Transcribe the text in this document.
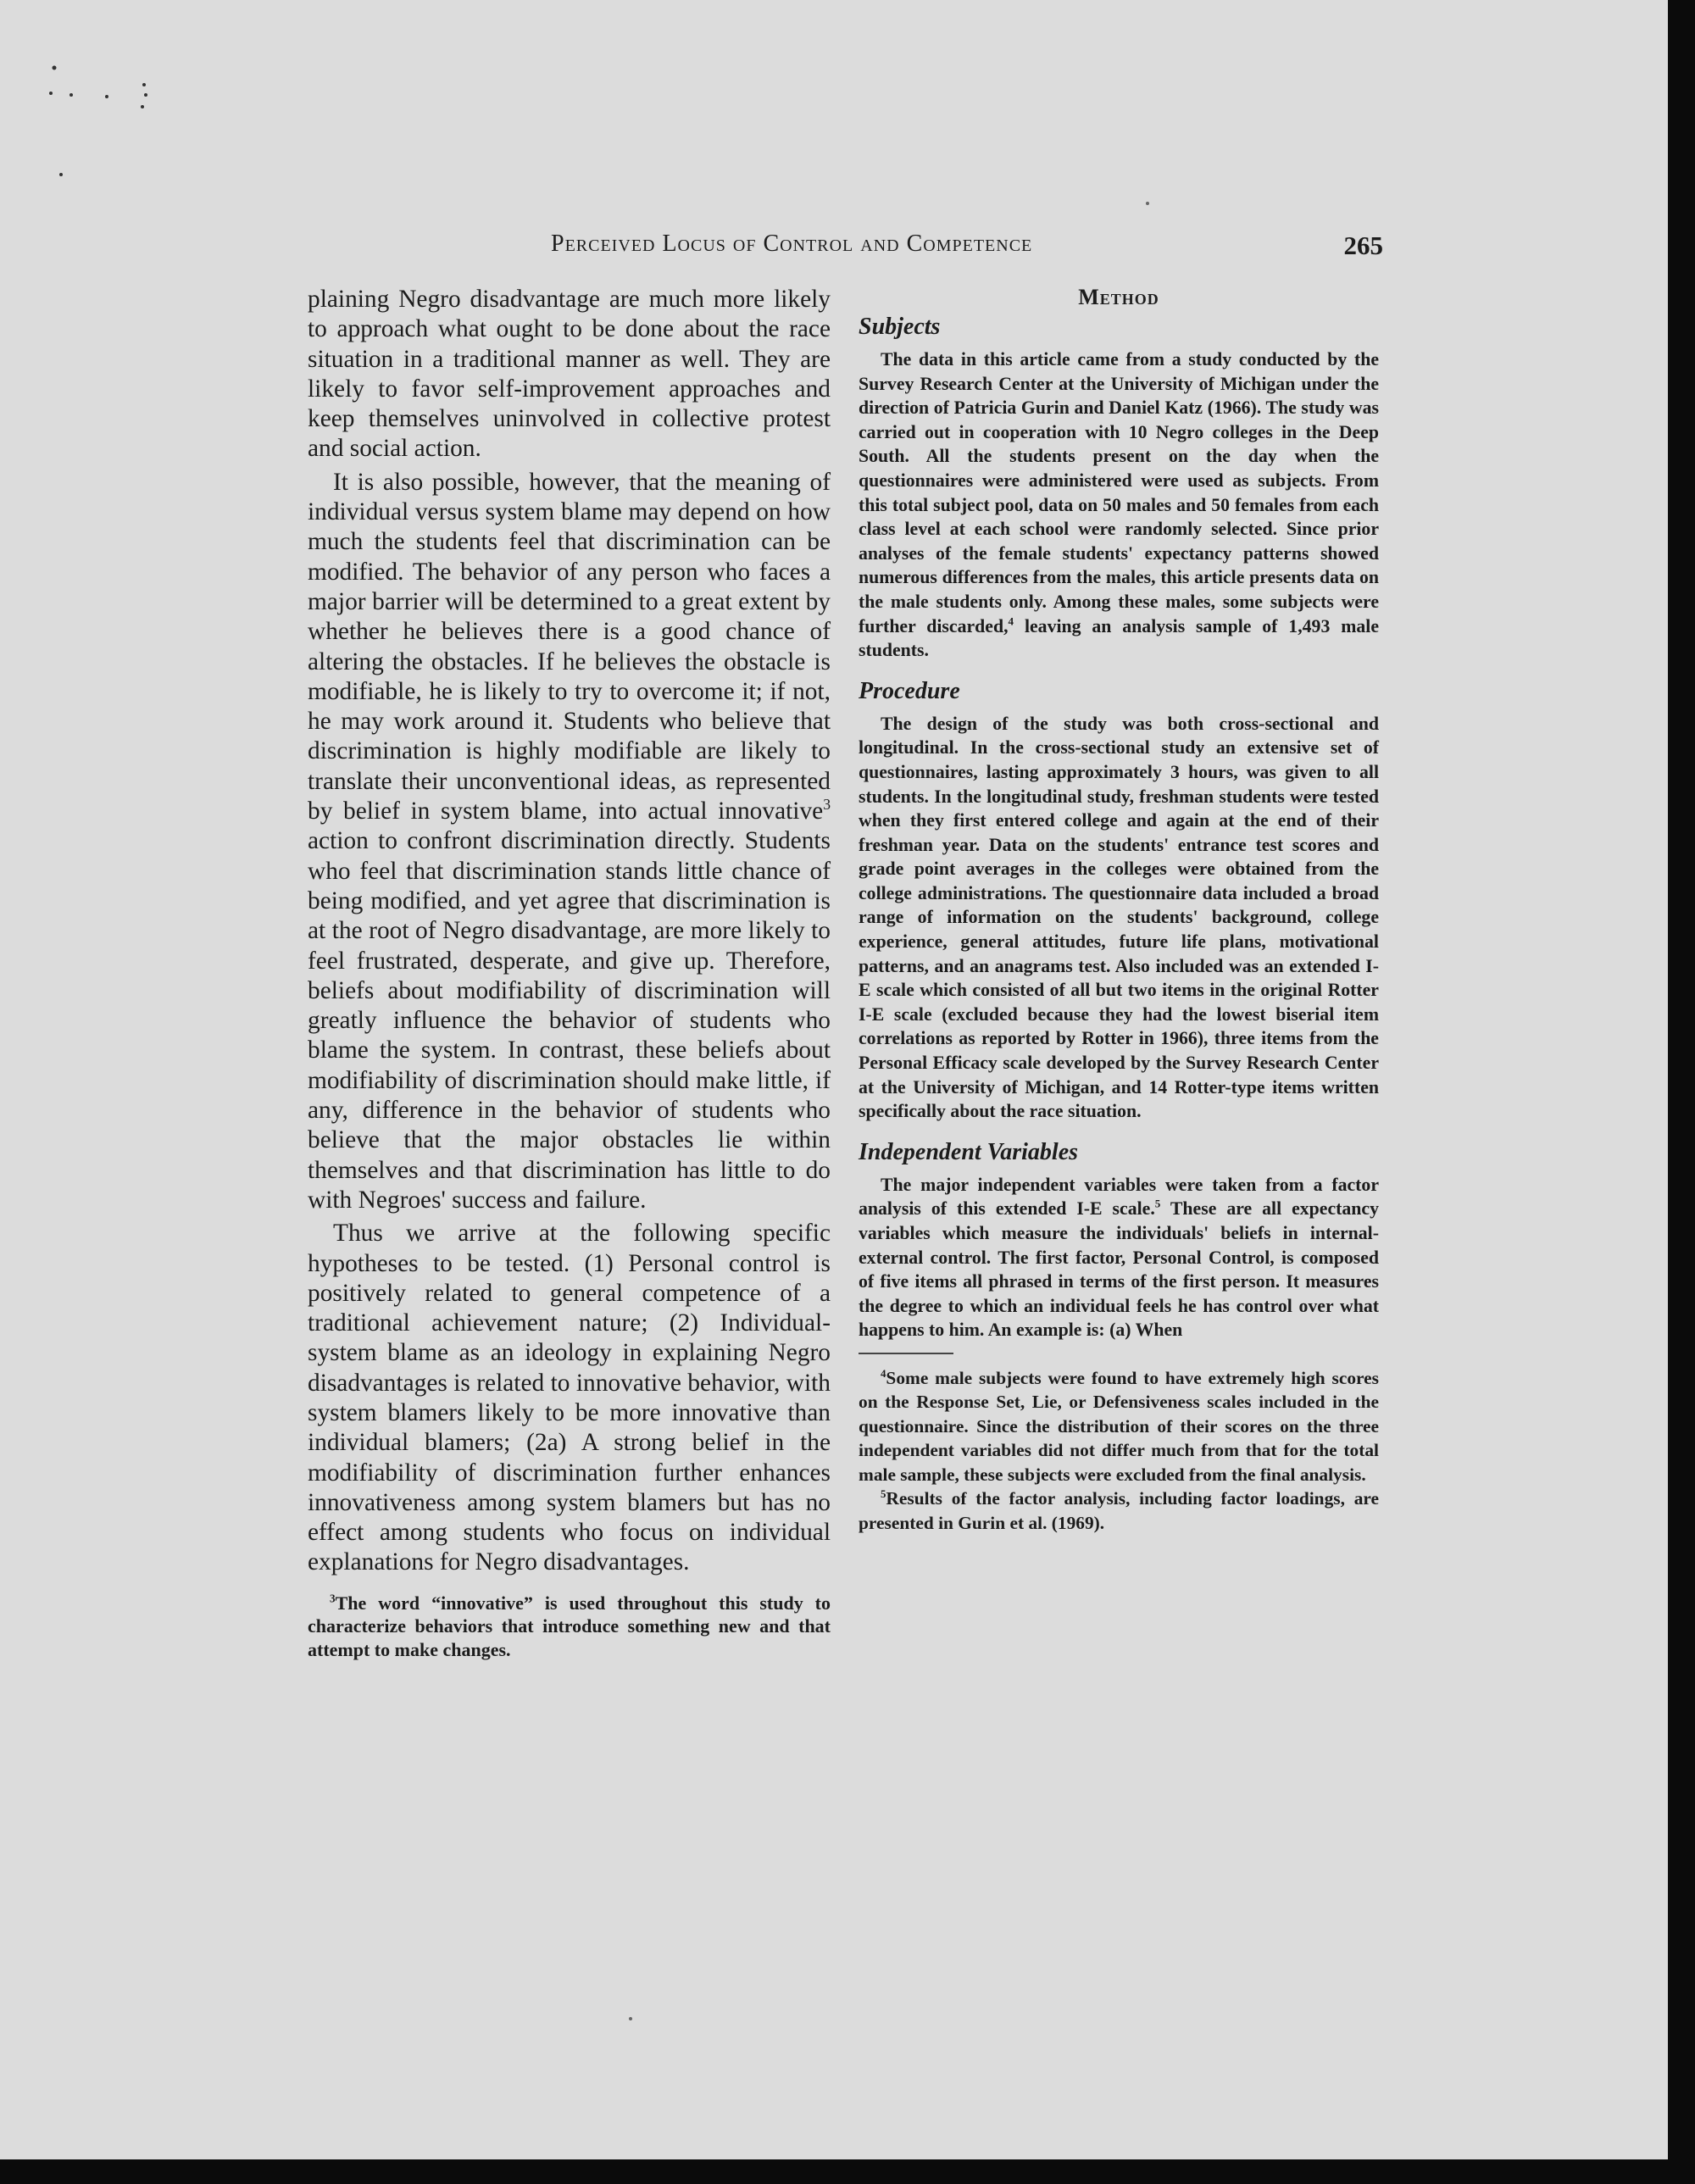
Perceived Locus of Control and Competence	265

plaining Negro disadvantage are much more likely to approach what ought to be done about the race situation in a traditional manner as well. They are likely to favor self-improvement approaches and keep themselves uninvolved in collective protest and social action.

It is also possible, however, that the meaning of individual versus system blame may depend on how much the students feel that discrimination can be modified. The behavior of any person who faces a major barrier will be determined to a great extent by whether he believes there is a good chance of altering the obstacles. If he believes the obstacle is modifiable, he is likely to try to overcome it; if not, he may work around it. Students who believe that discrimination is highly modifiable are likely to translate their unconventional ideas, as represented by belief in system blame, into actual innovative$^3$ action to confront discrimination directly. Students who feel that discrimination stands little chance of being modified, and yet agree that discrimination is at the root of Negro disadvantage, are more likely to feel frustrated, desperate, and give up. Therefore, beliefs about modifiability of discrimination will greatly influence the behavior of students who blame the system. In contrast, these beliefs about modifiability of discrimination should make little, if any, difference in the behavior of students who believe that the major obstacles lie within themselves and that discrimination has little to do with Negroes' success and failure.

Thus we arrive at the following specific hypotheses to be tested. (1) Personal control is positively related to general competence of a traditional achievement nature; (2) Individual-system blame as an ideology in explaining Negro disadvantages is related to innovative behavior, with system blamers likely to be more innovative than individual blamers; (2a) A strong belief in the modifiability of discrimination further enhances innovativeness among system blamers but has no effect among students who focus on individual explanations for Negro disadvantages.

$^3$The word “innovative” is used throughout this study to characterize behaviors that introduce something new and that attempt to make changes.

Method
Subjects

The data in this article came from a study conducted by the Survey Research Center at the University of Michigan under the direction of Patricia Gurin and Daniel Katz (1966). The study was carried out in cooperation with 10 Negro colleges in the Deep South. All the students present on the day when the questionnaires were administered were used as subjects. From this total subject pool, data on 50 males and 50 females from each class level at each school were randomly selected. Since prior analyses of the female students' expectancy patterns showed numerous differences from the males, this article presents data on the male students only. Among these males, some subjects were further discarded,$^4$ leaving an analysis sample of 1,493 male students.

Procedure

The design of the study was both cross-sectional and longitudinal. In the cross-sectional study an extensive set of questionnaires, lasting approximately 3 hours, was given to all students. In the longitudinal study, freshman students were tested when they first entered college and again at the end of their freshman year. Data on the students' entrance test scores and grade point averages in the colleges were obtained from the college administrations. The questionnaire data included a broad range of information on the students' background, college experience, general attitudes, future life plans, motivational patterns, and an anagrams test. Also included was an extended I-E scale which consisted of all but two items in the original Rotter I-E scale (excluded because they had the lowest biserial item correlations as reported by Rotter in 1966), three items from the Personal Efficacy scale developed by the Survey Research Center at the University of Michigan, and 14 Rotter-type items written specifically about the race situation.

Independent Variables

The major independent variables were taken from a factor analysis of this extended I-E scale.$^5$ These are all expectancy variables which measure the individuals' beliefs in internal-external control. The first factor, Personal Control, is composed of five items all phrased in terms of the first person. It measures the degree to which an individual feels he has control over what happens to him. An example is: (a) When

$^4$Some male subjects were found to have extremely high scores on the Response Set, Lie, or Defensiveness scales included in the questionnaire. Since the distribution of their scores on the three independent variables did not differ much from that for the total male sample, these subjects were excluded from the final analysis.

$^5$Results of the factor analysis, including factor loadings, are presented in Gurin et al. (1969).
